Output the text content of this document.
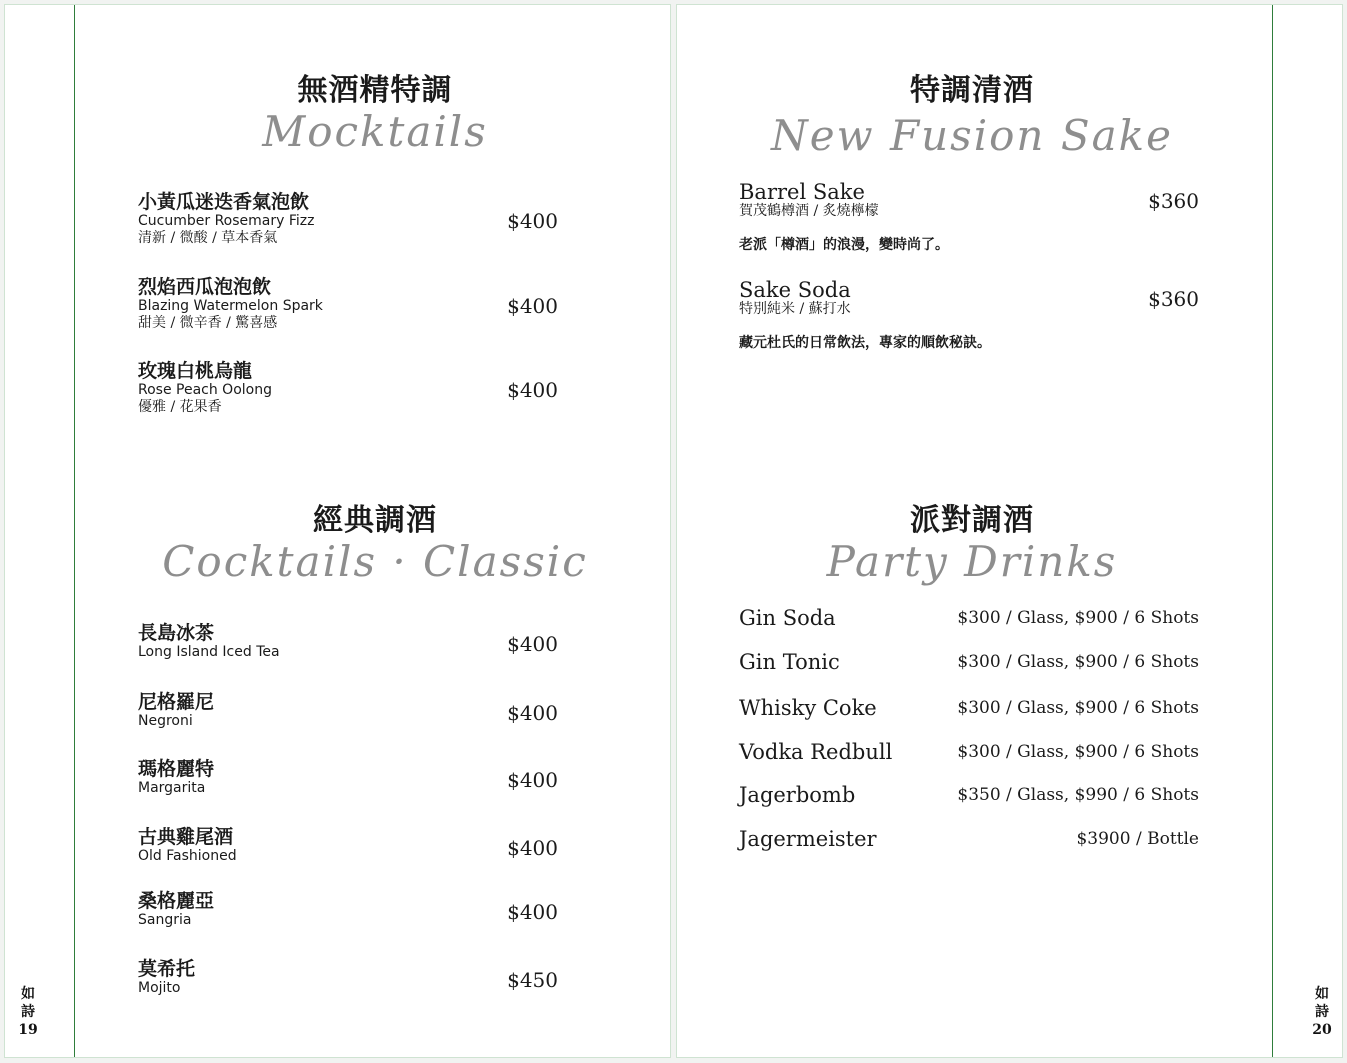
如
詩
19
無酒精特調
Mocktails
小黃瓜迷迭香氣泡飲
Cucumber Rosemary Fizz
清新 / 微酸 / 草本香氣
$400
烈焰西瓜泡泡飲
Blazing Watermelon Spark
甜美 / 微辛香 / 驚喜感
$400
玫瑰白桃烏龍
Rose Peach Oolong
優雅 / 花果香
$400
經典調酒
Cocktails · Classic
長島冰茶
Long Island Iced Tea	$400
尼格羅尼
Negroni	$400
瑪格麗特
Margarita	$400
古典雞尾酒
Old Fashioned	$400
桑格麗亞
Sangria	$400
莫希托
Mojito	$450
如
詩
20
特調清酒
New Fusion Sake
Barrel Sake
賀茂鶴樽酒 / 炙燒檸檬
老派「樽酒」的浪漫，變時尚了。
$360
Sake Soda
特別純米 / 蘇打水
藏元杜氏的日常飲法，專家的順飲秘訣。
$360
派對調酒
Party Drinks
Gin Soda	$300 / Glass, $900 / 6 Shots
Gin Tonic	$300 / Glass, $900 / 6 Shots
Whisky Coke	$300 / Glass, $900 / 6 Shots
Vodka Redbull	$300 / Glass, $900 / 6 Shots
Jagerbomb	$350 / Glass, $990 / 6 Shots
Jagermeister	$3900 / Bottle
